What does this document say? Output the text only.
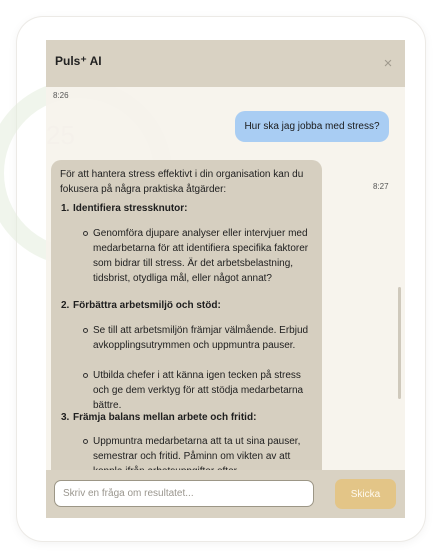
Puls⁺ AI	×
8:26
Hur ska jag jobba med stress?
8:27
För att hantera stress effektivt i din organisation kan du fokusera på några praktiska åtgärder:
1. Identifiera stressknutor:
Genomföra djupare analyser eller intervjuer med medarbetarna för att identifiera specifika faktorer som bidrar till stress. Är det arbetsbelastning, tidsbrist, otydliga mål, eller något annat?
2. Förbättra arbetsmiljö och stöd:
Se till att arbetsmiljön främjar välmående. Erbjud avkopplingsutrymmen och uppmuntra pauser.
Utbilda chefer i att känna igen tecken på stress och ge dem verktyg för att stödja medarbetarna bättre.
3. Främja balans mellan arbete och fritid:
Uppmuntra medarbetarna att ta ut sina pauser, semestrar och fritid. Påminn om vikten av att
Skriv en fråga om resultatet...
Skicka
